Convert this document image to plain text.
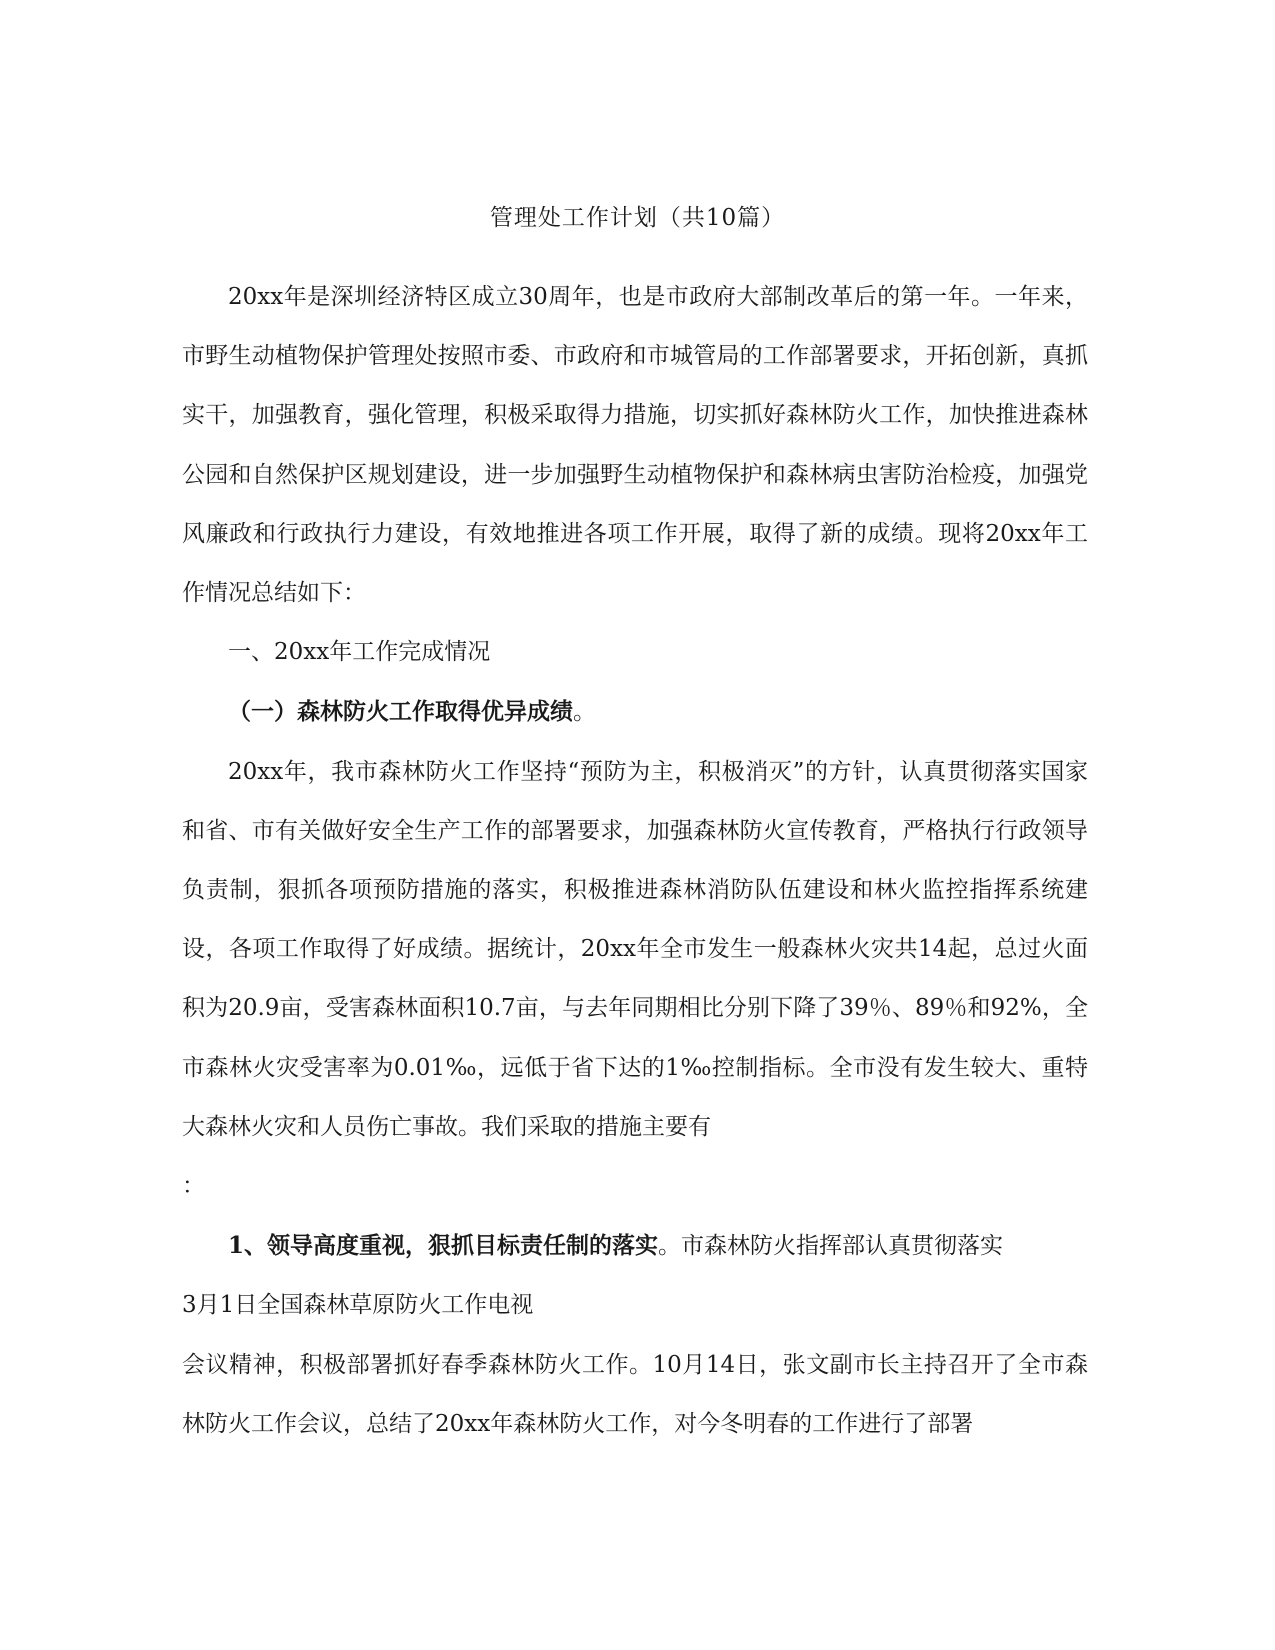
管理处工作计划（共10篇）

20xx年是深圳经济特区成立30周年，也是市政府大部制改革后的第一年。一年来，市野生动植物保护管理处按照市委、市政府和市城管局的工作部署要求，开拓创新，真抓实干，加强教育，强化管理，积极采取得力措施，切实抓好森林防火工作，加快推进森林公园和自然保护区规划建设，进一步加强野生动植物保护和森林病虫害防治检疫，加强党风廉政和行政执行力建设，有效地推进各项工作开展，取得了新的成绩。现将20xx年工作情况总结如下：

一、20xx年工作完成情况

（一）森林防火工作取得优异成绩。

20xx年，我市森林防火工作坚持“预防为主，积极消灭”的方针，认真贯彻落实国家和省、市有关做好安全生产工作的部署要求，加强森林防火宣传教育，严格执行行政领导负责制，狠抓各项预防措施的落实，积极推进森林消防队伍建设和林火监控指挥系统建设，各项工作取得了好成绩。据统计，20xx年全市发生一般森林火灾共14起，总过火面积为20.9亩，受害森林面积10.7亩，与去年同期相比分别下降了39％、89％和92%，全市森林火灾受害率为0.01‰，远低于省下达的1‰控制指标。全市没有发生较大、重特大森林火灾和人员伤亡事故。我们采取的措施主要有

：

1、领导高度重视，狠抓目标责任制的落实。市森林防火指挥部认真贯彻落实

3月1日全国森林草原防火工作电视

会议精神，积极部署抓好春季森林防火工作。10月14日，张文副市长主持召开了全市森林防火工作会议，总结了20xx年森林防火工作，对今冬明春的工作进行了部署
